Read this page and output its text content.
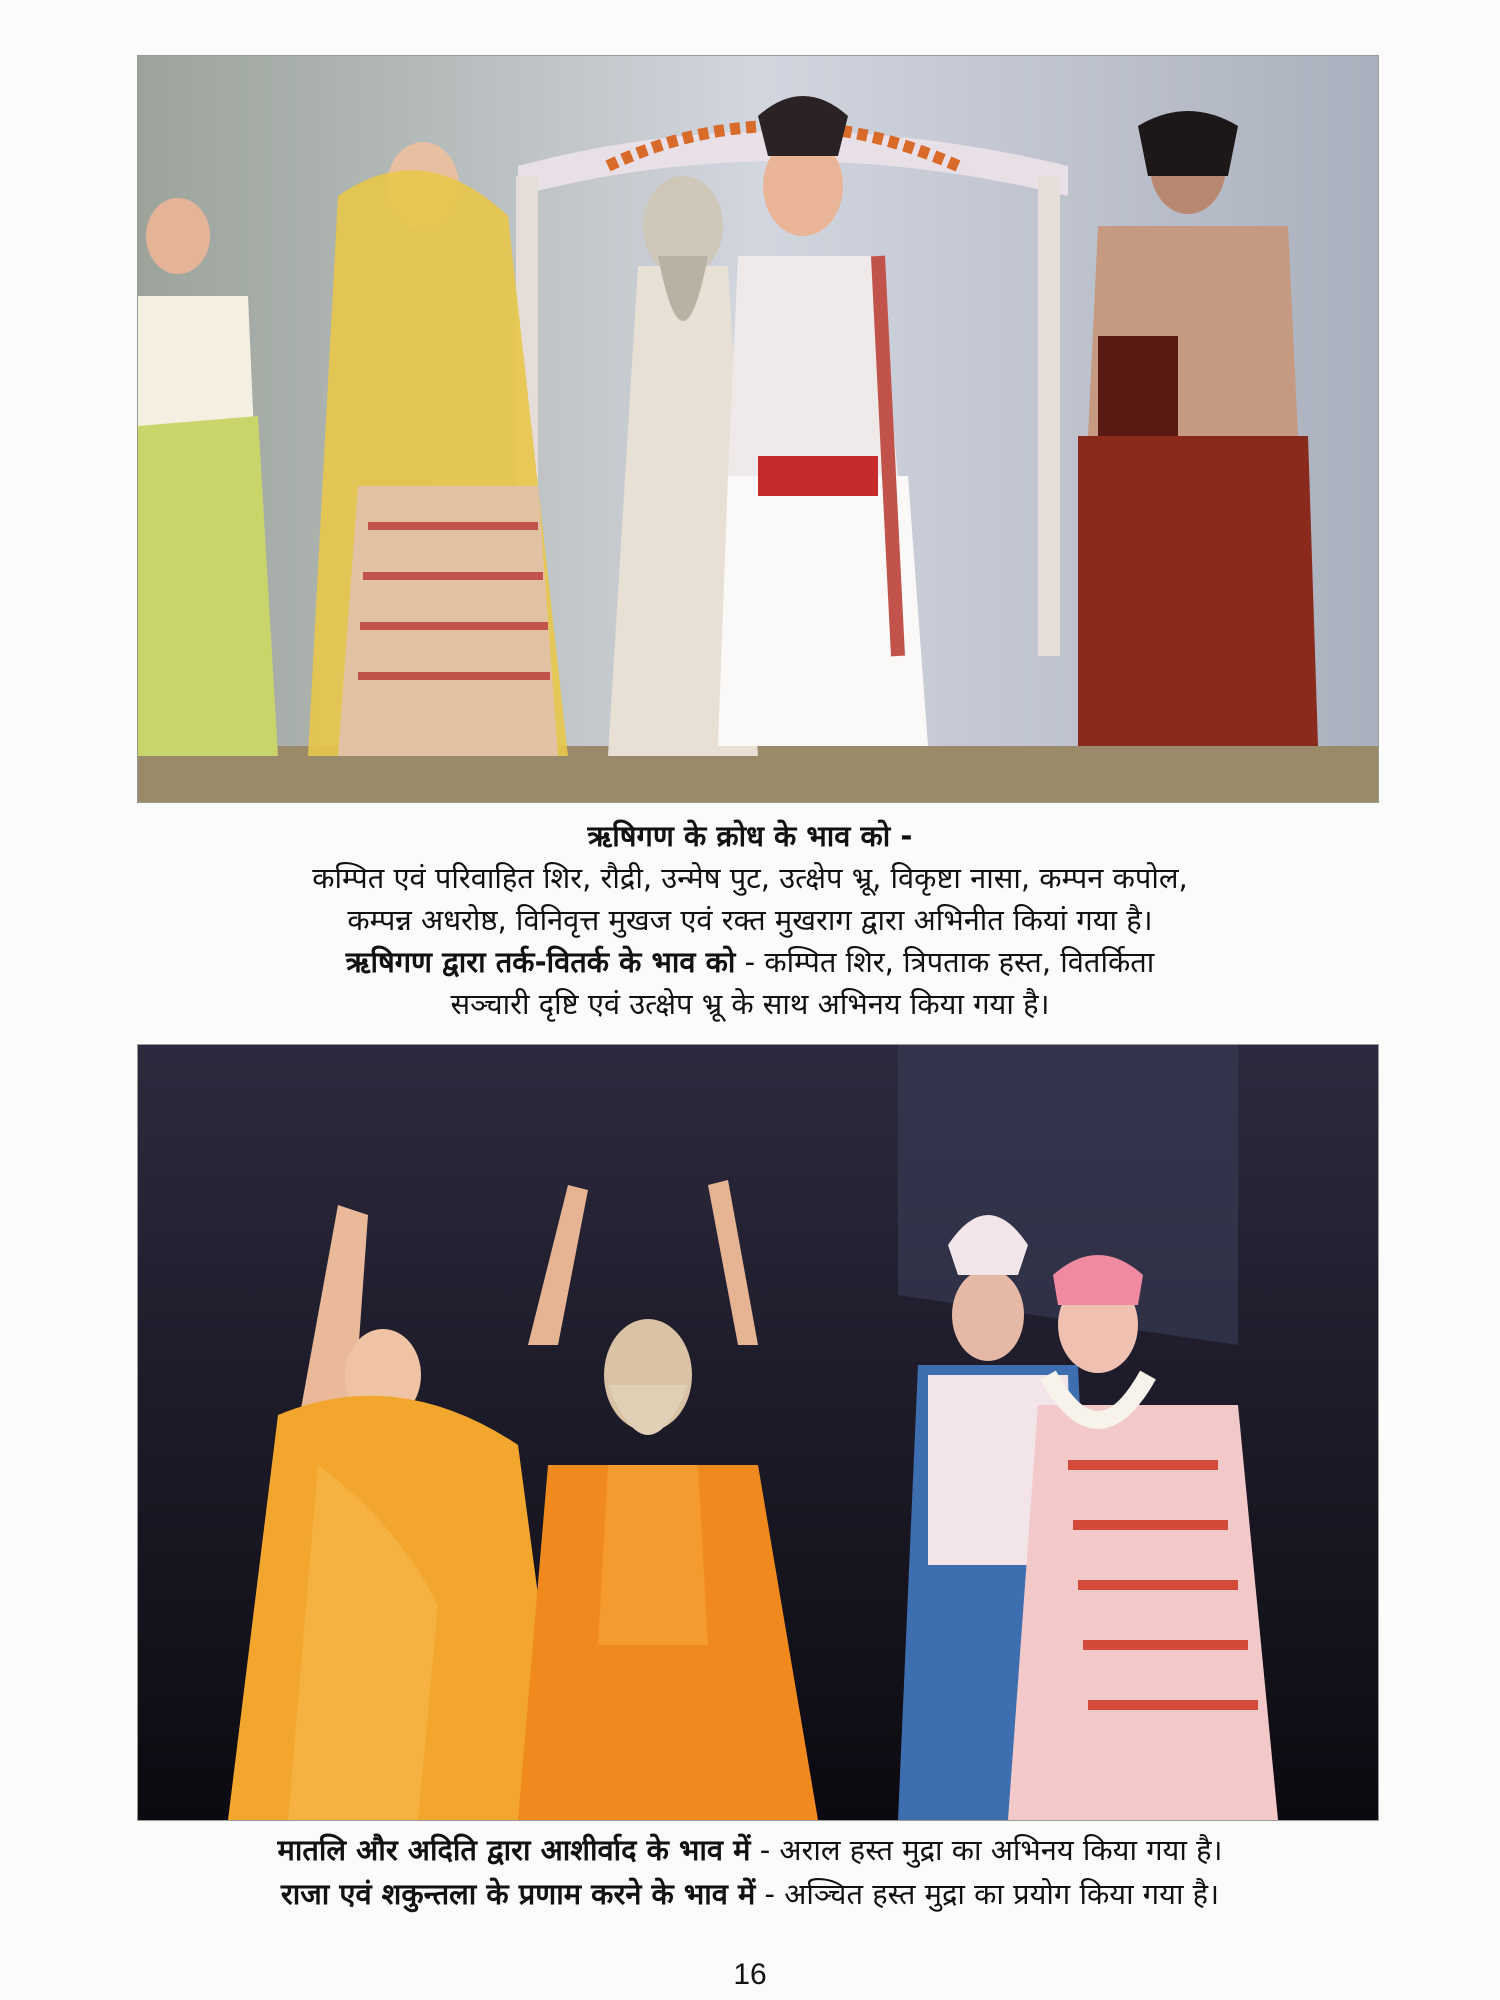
ऋषिगण के क्रोध के भाव को -
कम्पित एवं परिवाहित शिर, रौद्री, उन्मेष पुट, उत्क्षेप भ्रू, विकृष्टा नासा, कम्पन कपोल,
कम्पन्न अधरोष्ठ, विनिवृत्त मुखज एवं रक्त मुखराग द्वारा अभिनीत कियां गया है।
ऋषिगण द्वारा तर्क-वितर्क के भाव को - कम्पित शिर, त्रिपताक हस्त, वितर्किता
सञ्चारी दृष्टि एवं उत्क्षेप भ्रू के साथ अभिनय किया गया है।
मातलि और अदिति द्वारा आशीर्वाद के भाव में - अराल हस्त मुद्रा का अभिनय किया गया है।
राजा एवं शकुन्तला के प्रणाम करने के भाव में - अञ्चित हस्त मुद्रा का प्रयोग किया गया है।
16
